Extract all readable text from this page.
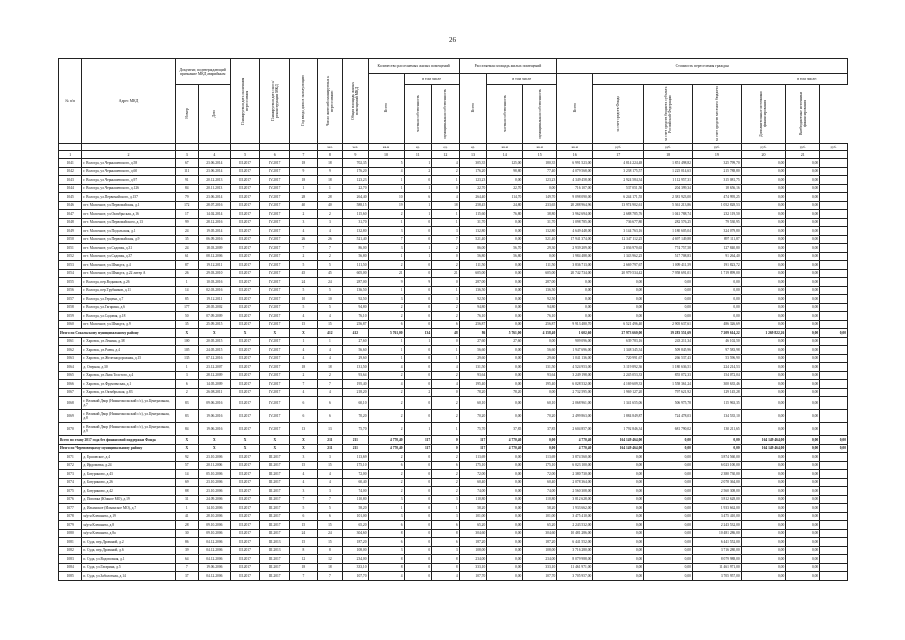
26
№ п/п	Адрес МКД	Документ, подтверждающий признание МКД аварийным		Планируемая дата окончания переселения	Планируемая дата сноса/ реконструкции МКД	Год ввода дома в эксплуатацию	Число жителей планируемых к переселению	Общая площадь жилых помещений МКД	Количество расселяемых жилых помещений			Расселяемая площадь жилых помещений			Стоимость переселения граждан						
									Всего	в том числе		Всего	в том числе		Всего	в том числе:					
		Номер	Дата							частная собственность	муниципальная собственность		частная собственность	муниципальная собственность		за счет средств Фонда	за счет средств бюджета субъекта Российской Федерации	за счет средств местного бюджета	Дополнительные источники финансирования	Внебюджетные источники финансирования	
							чел.	чел.	кв.м	ед.	ед.	ед.	кв.м	кв.м	кв.м	руб.	руб.	руб.	руб.	руб.	руб.
1	2	3	4	5	6	7	8	9	10	11	12	13	14	15	16	17	18	19	20	21	
1041	г. Вологда, ул.Чернышевского, д.58	67	23.06.2014	III.2017	IV.2017	18	18	702,35	5	1	4	305,35	125,00	180,35	6 991 523,00	4 814 224,48	1 851 498,82	325 799,70	0,00	0,00	
1042	г. Вологда, ул.Чернышевского, д.60	111	23.06.2014	III.2017	IV.2017	9	9	176,20	4	2	2	176,20	98,80	77,40	4 079 568,00	3 238 175,57	1 225 014,63	215 788,80	0,00	0,00	
1043	г. Вологда, ул.Чернышевского, д.97	91	20.12.2013	III.2017	IV.2017	18	18	123,23	1	0	1	123,23	0,00	123,23	4 349 458,00	2 924 584,34	1 112 957,31	315 081,75	0,00	0,00	
1044	г. Вологда, ул.Чернышевского, д.126	84	20.11.2013	III.2017	IV.2017	1	1	22,70	1	1	0	22,70	22,70	0,00	716 107,00	537 051,50	204 399,34	18 656,16	0,00	0,00	
1045	г. Вологда, ул.Первомайского, д.157	79	23.06.2014	III.2017	IV.2017	28	28	264,40	10	6	4	264,40	114,70	149,70	9 098 090,00	6 244 171,55	2 381 923,00	474 995,25	0,00	0,00	
1046	пгт. Молочное, ул.Первомайская, д.1	172	28.07.2016	III.2017	IV.2017	40	40	588,15	19	1	18	258,45	24,80	233,65	20 288 964,96	13 974 902,61	5 361 213,86	1 052 828,53	0,00	0,00	
1047	пгт. Молочное, ул.Октябрьская, д.16	17	14.02.2014	III.2017	IV.2017	2	2	115,60	2	1	1	115,60	76,80	38,80	3 962 694,00	2 688 785,76	1 041 788,74	232 119,50	0,00	0,00	
1048	пгт. Молочное, ул.Первомайского, д.13	99	28.12.2016	III.2017	IV.2017	3	3	31,70	1	0	1	31,70	0,00	31,70	1 098 785,00	736 677,80	282 576,25	79 530,95	0,00	0,00	
1049	пгт. Молочное, ул.Подольская, д.1	24	19.05.2014	III.2017	IV.2017	4	4	132,80	3	0	3	132,80	0,00	132,80	4 649 448,00	3 144 763,16	1 180 605,04	324 079,80	0,00	0,00	
1050	пгт. Молочное, ул.Первомайская, д.9	35	06.09.2016	III.2017	IV.2017	26	26	521,40	7	0	7	521,40	0,00	521,40	17 941 374,00	12 347 112,25	4 697 149,88	897 111,87	0,00	0,00	
1051	пгт. Молочное, ул.Садовая, д.31	24	18.03.2009	III.2017	IV.2017	7	7	86,00	3	1	2	86,00	56,70	29,30	2 939 209,00	2 036 970,65	774 757,58	127 840,80	0,00	0,00	
1052	пгт. Молочное, ул.Садовая, д.37	61	08.12.2006	III.2017	IV.2017	2	2	56,80	1	1	0	56,80	56,80	0,00	1 984 488,00	1 343 962,25	517 708,83	91 264,40	0,00	0,00	
1053	пгт. Молочное, ул.Шмидта, д.4	87	19.12.2011	III.2017	IV.2017	5	5	111,50	2	0	2	111,50	0,00	111,50	3 836 713,00	2 669 797,67	1 009 411,59	191 823,72	0,00	0,00	
1054	пгт. Молочное, ул.Шмидта, д.22 литер А	26	29.03.2010	III.2017	IV.2017	45	45	605,00	21	0	21	605,00	0,00	605,00	20 742 734,00	20 979 534,42	7 958 691,01	1 719 899,00	0,00	0,00	
1055	г. Вологда, пер.Водников, д.26	1	10.03.2016	III.2017	IV.2017	24	24	287,00	9	9	0	287,00	0,00	287,00	0,00	0,00	0,00	0,00	0,00	0,00	
1056	г. Вологда, пер.Трубников, д.11	14	02.03.2016	III.2017	IV.2017	5	5	136,50	1	0	1	136,50	0,00	136,50	0,00	0,00	0,00	0,00	0,00	0,00	
1057	г. Вологда, ул.Герцена, д.7	85	19.12.2011	III.2017	IV.2017	10	10	92,50	3	0	3	92,50	0,00	92,50	0,00	0,00	0,00	0,00	0,00	0,00	
1058	г. Вологда, ул.Гагарина, д.6	177	28.05.2002	III.2017	IV.2017	5	5	94,80	2	0	2	94,80	0,00	94,80	0,00	0,00	0,00	0,00	0,00	0,00	
1059	г. Вологда, ул.Садовая, д.18	50	07.09.2009	III.2017	IV.2017	4	4	76,10	2	0	2	76,10	0,00	76,10	0,00	0,00	0,00	0,00	0,00	0,00	
1060	пгт. Молочное, ул.Шмидта, д.9	35	25.09.2015	III.2017	IV.2017	15	15	256,87	6	0	6	256,87	0,00	256,87	9 913 480,70	6 521 496,40	2 905 637,61	486 326,69	0,00	0,00	
Итого по Сокольскому муниципальному району		X	X	X	X	X	412	412	5 761,00	134	48	86	5 761,00	4 158,40	1 602,60	27 973 660,00	19 283 551,69	7 209 614,22	1 269 822,26	0,00	0,00
1061	г. Харовск, ул.Ленина, д.38	100	20.05.2015	III.2017	IV.2017	1	1	27,60	1	1	0	27,60	27,60	0,00	909 096,00	639 783,16	243 211,34	46 102,50	0,00	0,00	
1062	г. Харовск, ул.Раева, д.4	105	24.05.2015	III.2017	IV.2017	4	4	56,60	1	0	1	56,60	0,00	56,60	1 947 696,00	1 348 345,34	509 845,96	97 583,98	0,00	0,00	
1063	г. Харовск, ул.Железнодорожная, д.15	135	07.12.2016	III.2017	IV.2017	4	4	29,60	1	0	1	29,60	0,00	29,60	1 041 136,00	720 991,67	266 537,43	53 596,90	0,00	0,00	
1064	д. Озерная, д.30	1	23.12.2007	III.2017	IV.2017	18	18	131,50	4	0	4	131,50	0,00	131,50	4 524 953,00	3 119 892,36	1 180 636,51	224 214,53	0,00	0,00	
1065	г. Харовск, ул.Льва Толстого, д.4	3	28.12.2009	III.2017	IV.2017	2	2	93,64	2	0	2	93,64	0,00	93,64	3 249 198,00	2 245 053,33	855 072,33	154 072,04	0,00	0,00	
1066	г. Харовск, ул.Фрунзенская, д.1	6	14.05.2009	III.2017	IV.2017	7	7	195,40	4	0	4	195,40	0,00	195,40	6 028 532,00	4 169 609,33	1 558 361,24	300 635,46	0,00	0,00	
1067	г. Харовск, ул.Октябрьская, д.83	2	26.08.2011	III.2017	IV.2017	4	4	218,20	2	2	0	78,20	78,20	0,00	2 732 595,00	1 969 127,20	797 621,92	129 145,28	0,00	0,00	
1068	г. Великий Двор (Нижнеокольский с/с), ул.Центральная, д.7	83	09.06.2016	III.2017	IV.2017	6	6	60,10	2	0	2	60,10	0,00	60,10	2 068 961,00	1 341 655,06	506 975,78	115 963,35	0,00	0,00	
1069	г. Великий Двор (Нижнеокольский с/с), ул.Центральная, д.8	83	19.06.2016	III.2017	IV.2017	6	6	70,20	2	0	2	70,20	0,00	70,20	2 499 863,00	1 884 849,87	724 478,03	134 535,10	0,00	0,00	
1070	г. Великий Двор (Нижнеокольский с/с), ул.Центральная, д.9	84	19.06.2016	III.2017	IV.2017	13	13	75,70	2	1	1	75,70	37,85	37,85	2 604 857,00	1 792 846,34	681 790,02	130 211,65	0,00	0,00	
Всего по этапу 2017 года без финансовой поддержки Фонда		X	X	X	X	X	211	211	4 770,40	117	0	117	4 770,40	0,00	4 770,40	164 149 464,00	0,00	0,00	164 149 464,00	0,00	0,00
Итого по Череповецкому муниципальному району		X	X	X	X	X	211	211	4 770,40	117	0	117	4 770,40	0,00	4 770,40	164 149 464,00	0,00	0,00	164 149 464,00	0,00	0,00
1071	д. Ершовское, д.4	92	23.10.2006	III.2017	III.2017	3	3	113,69	2	0	2	113,69	0,00	113,69	3 874 560,00	0,00	0,00	3 874 560,00	0,00	0,00	
1072	д. Ирдоматка, д.24	57	20.11.2006	III.2017	III.2017	15	15	175,10	6	0	6	175,10	0,00	175,10	6 023 100,00	0,00	0,00	6 023 100,00	0,00	0,00	
1073	д. Батуриново, д.43	14	05.10.2006	III.2017	III.2017	4	4	72,00	2	0	2	72,00	0,00	72,00	2 380 730,00	0,00	0,00	2 380 730,00	0,00	0,00	
1074	д. Батуриново, д.26	69	23.10.2006	III.2017	III.2017	4	4	60,40	2	0	2	60,40	0,00	60,40	2 078 364,00	0,00	0,00	2 078 364,00	0,00	0,00	
1075	д. Батуриново, д.42	88	23.10.2006	III.2017	III.2017	3	3	74,00	2	0	2	74,00	0,00	74,00	2 560 308,00	0,00	0,00	2 560 308,00	0,00	0,00	
1076	д. Поповка (Южное МО), д.19	31	24.09.2006	III.2017	III.2017	7	7	110,80	3	0	3	110,80	0,00	110,80	3 812 628,00	0,00	0,00	3 812 628,00	0,00	0,00	
1077	д. Ильинское (Ильинское МО), д.7	1	14.10.2006	III.2017	III.2017	5	5	58,20	1	0	1	58,20	0,00	58,20	1 933 662,00	0,00	0,00	1 933 662,00	0,00	0,00	
1078	м/р-н Клешнята, д.19	41	28.10.2006	III.2017	III.2017	6	6	101,00	3	0	3	101,00	0,00	101,00	3 475 410,00	0,00	0,00	3 475 410,00	0,00	0,00	
1079	м/р-н Клешнята, д.8	28	09.10.2006	III.2017	III.2017	15	15	65,20	6	0	6	65,20	0,00	65,20	2 243 532,00	0,00	0,00	2 243 532,00	0,00	0,00	
1080	м/р-н Клешнята, д.8а	30	09.10.2006	III.2017	III.2017	24	24	304,60	8	0	8	304,60	0,00	304,60	10 481 286,00	0,00	0,00	10 481 286,00	0,00	0,00	
1081	п. Суда, пер.Дровяной, д.2	86	04.12.2006	III.2017	III.2013	15	15	187,20	6	0	6	187,20	0,00	187,20	6 441 552,00	0,00	0,00	6 441 552,00	0,00	0,00	
1082	п. Суда, пер.Дровяной, д.6	39	04.12.2006	III.2017	III.2013	8	8	108,00	3	0	3	108,00	0,00	108,00	3 716 280,00	0,00	0,00	3 716 280,00	0,00	0,00	
1083	п. Суда, ул.Водовозная, д.1	64	04.12.2006	III.2017	III.2017	12	12	234,00	8	0	8	234,00	0,00	234,00	8 079 988,00	0,00	0,00	8 079 988,00	0,00	0,00	
1084	п. Суда, ул.Гагарина, д.5	7	19.06.2006	III.2017	III.2017	18	18	333,10	8	0	8	333,10	0,00	333,10	11 461 971,00	0,00	0,00	11 461 971,00	0,00	0,00	
1085	п. Суда, ул.Заболотная, д.14	37	04.12.2006	III.2017	III.2017	7	7	107,70	4	0	4	107,70	0,00	107,70	3 705 957,00	0,00	0,00	3 705 957,00	0,00	0,00	
